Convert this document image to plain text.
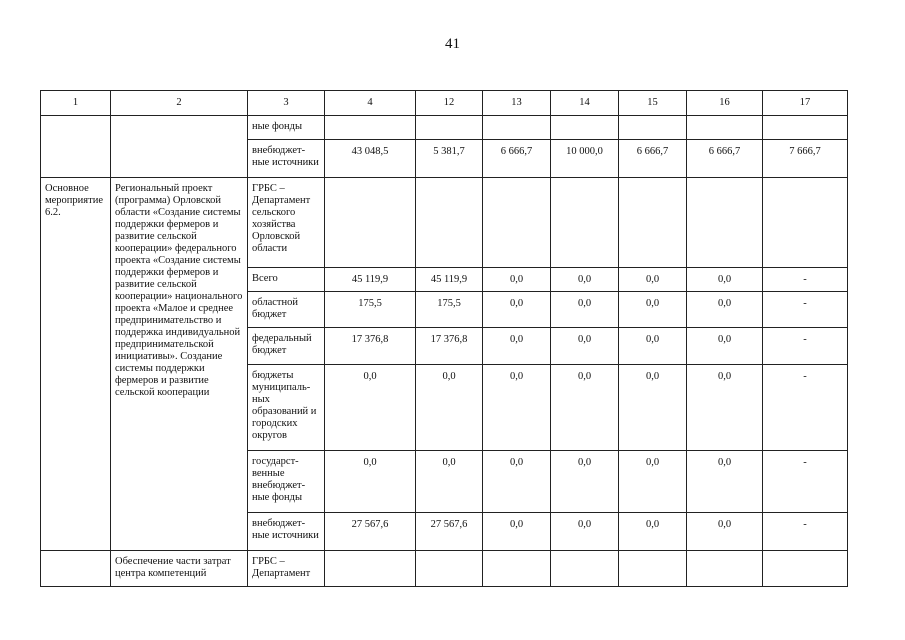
41
1	2	3	4	12	13	14	15	16	17
		ные фонды							
		внебюджет-ные источники	43 048,5	5 381,7	6 666,7	10 000,0	6 666,7	6 666,7	7 666,7
Основное мероприятие 6.2.	Региональный проект (программа) Орловской области «Создание системы поддержки фермеров и развитие сельской кооперации» федерального проекта «Создание системы поддержки фермеров и развитие сельской кооперации» национального проекта «Малое и среднее предпринимательство и поддержка индивидуальной предпринимательской инициативы». Создание системы поддержки фермеров и развитие сельской кооперации	ГРБС – Департамент сельского хозяйства Орловской области							
		Всего	45 119,9	45 119,9	0,0	0,0	0,0	0,0	-
		областной бюджет	175,5	175,5	0,0	0,0	0,0	0,0	-
		федеральный бюджет	17 376,8	17 376,8	0,0	0,0	0,0	0,0	-
		бюджеты муниципаль-ных образований и городских округов	0,0	0,0	0,0	0,0	0,0	0,0	-
		государст-венные внебюджет-ные фонды	0,0	0,0	0,0	0,0	0,0	0,0	-
		внебюджет-ные источники	27 567,6	27 567,6	0,0	0,0	0,0	0,0	-
	Обеспечение части затрат центра компетенций	ГРБС – Департамент							
